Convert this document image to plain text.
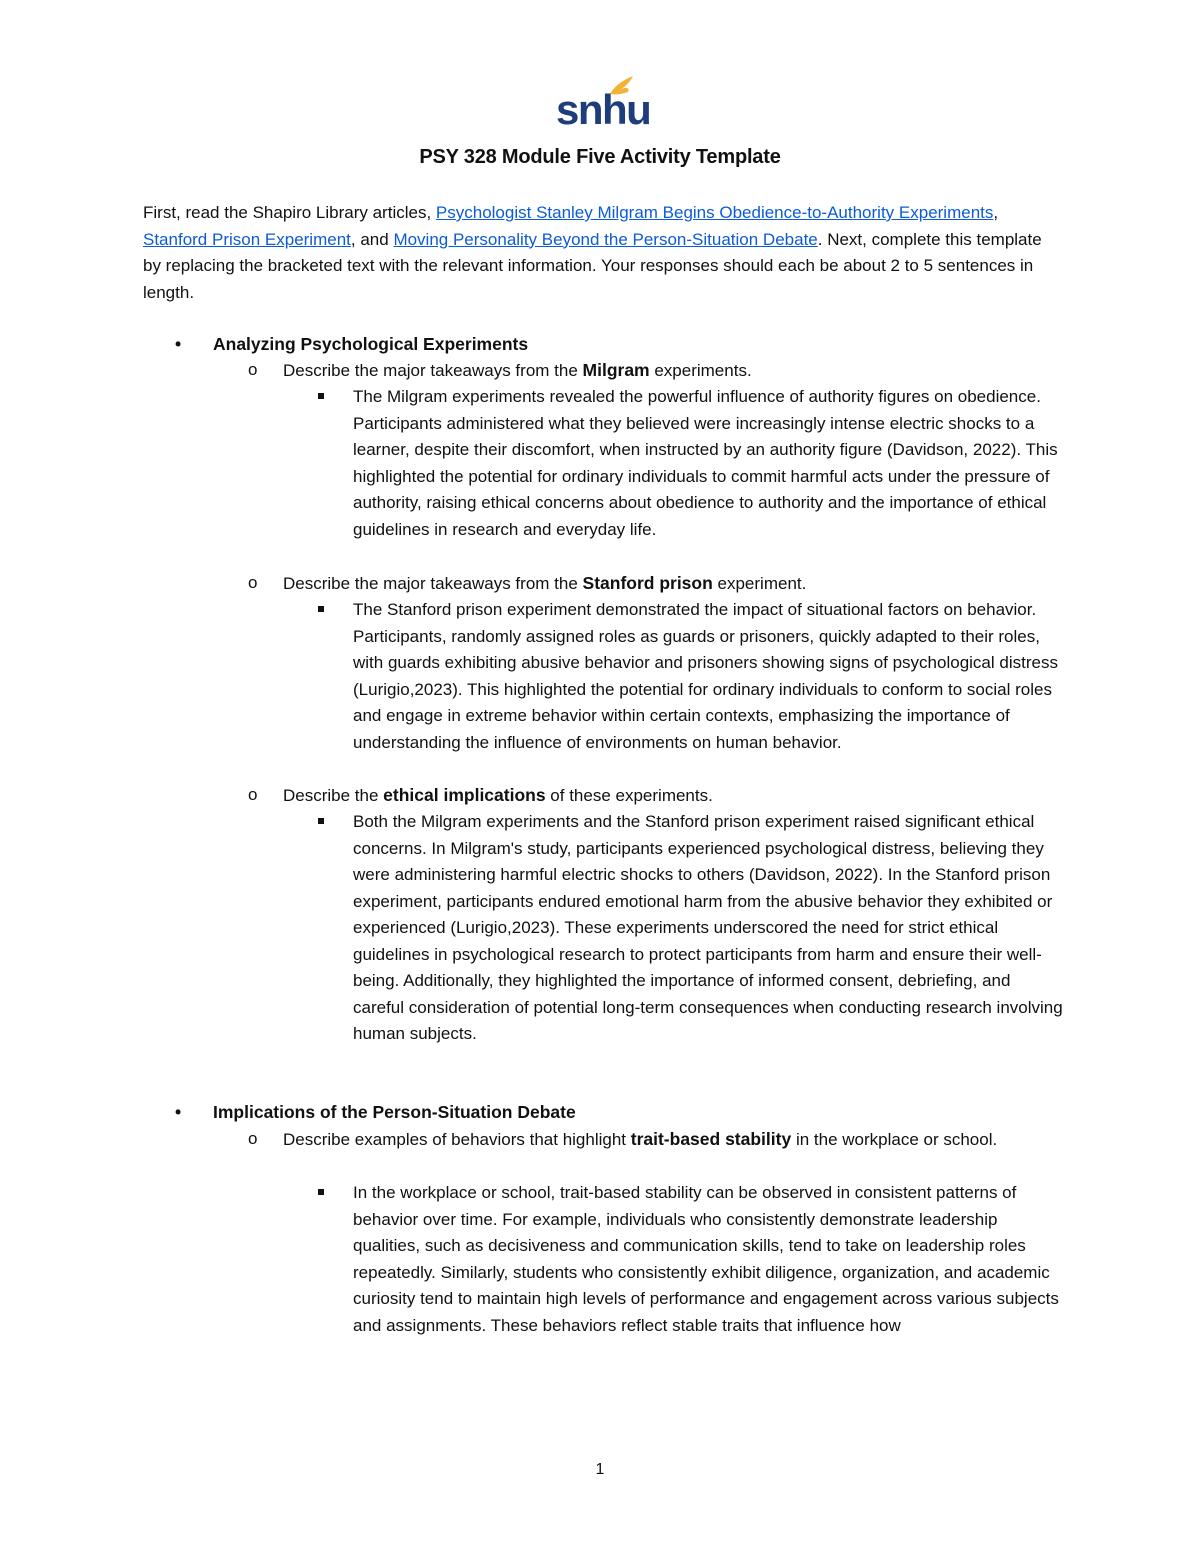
snhu
PSY 328 Module Five Activity Template
First, read the Shapiro Library articles, Psychologist Stanley Milgram Begins Obedience-to-Authority Experiments, Stanford Prison Experiment, and Moving Personality Beyond the Person-Situation Debate. Next, complete this template by replacing the bracketed text with the relevant information. Your responses should each be about 2 to 5 sentences in length.
•	Analyzing Psychological Experiments
o Describe the major takeaways from the Milgram experiments.
The Milgram experiments revealed the powerful influence of authority figures on obedience. Participants administered what they believed were increasingly intense electric shocks to a learner, despite their discomfort, when instructed by an authority figure (Davidson, 2022). This highlighted the potential for ordinary individuals to commit harmful acts under the pressure of authority, raising ethical concerns about obedience to authority and the importance of ethical guidelines in research and everyday life.
o Describe the major takeaways from the Stanford prison experiment.
The Stanford prison experiment demonstrated the impact of situational factors on behavior. Participants, randomly assigned roles as guards or prisoners, quickly adapted to their roles, with guards exhibiting abusive behavior and prisoners showing signs of psychological distress (Lurigio,2023). This highlighted the potential for ordinary individuals to conform to social roles and engage in extreme behavior within certain contexts, emphasizing the importance of understanding the influence of environments on human behavior.
o Describe the ethical implications of these experiments.
Both the Milgram experiments and the Stanford prison experiment raised significant ethical concerns. In Milgram's study, participants experienced psychological distress, believing they were administering harmful electric shocks to others (Davidson, 2022). In the Stanford prison experiment, participants endured emotional harm from the abusive behavior they exhibited or experienced (Lurigio,2023). These experiments underscored the need for strict ethical guidelines in psychological research to protect participants from harm and ensure their well-being. Additionally, they highlighted the importance of informed consent, debriefing, and careful consideration of potential long-term consequences when conducting research involving human subjects.
•	Implications of the Person-Situation Debate
o Describe examples of behaviors that highlight trait-based stability in the workplace or school.
In the workplace or school, trait-based stability can be observed in consistent patterns of behavior over time. For example, individuals who consistently demonstrate leadership qualities, such as decisiveness and communication skills, tend to take on leadership roles repeatedly. Similarly, students who consistently exhibit diligence, organization, and academic curiosity tend to maintain high levels of performance and engagement across various subjects and assignments. These behaviors reflect stable traits that influence how
1
